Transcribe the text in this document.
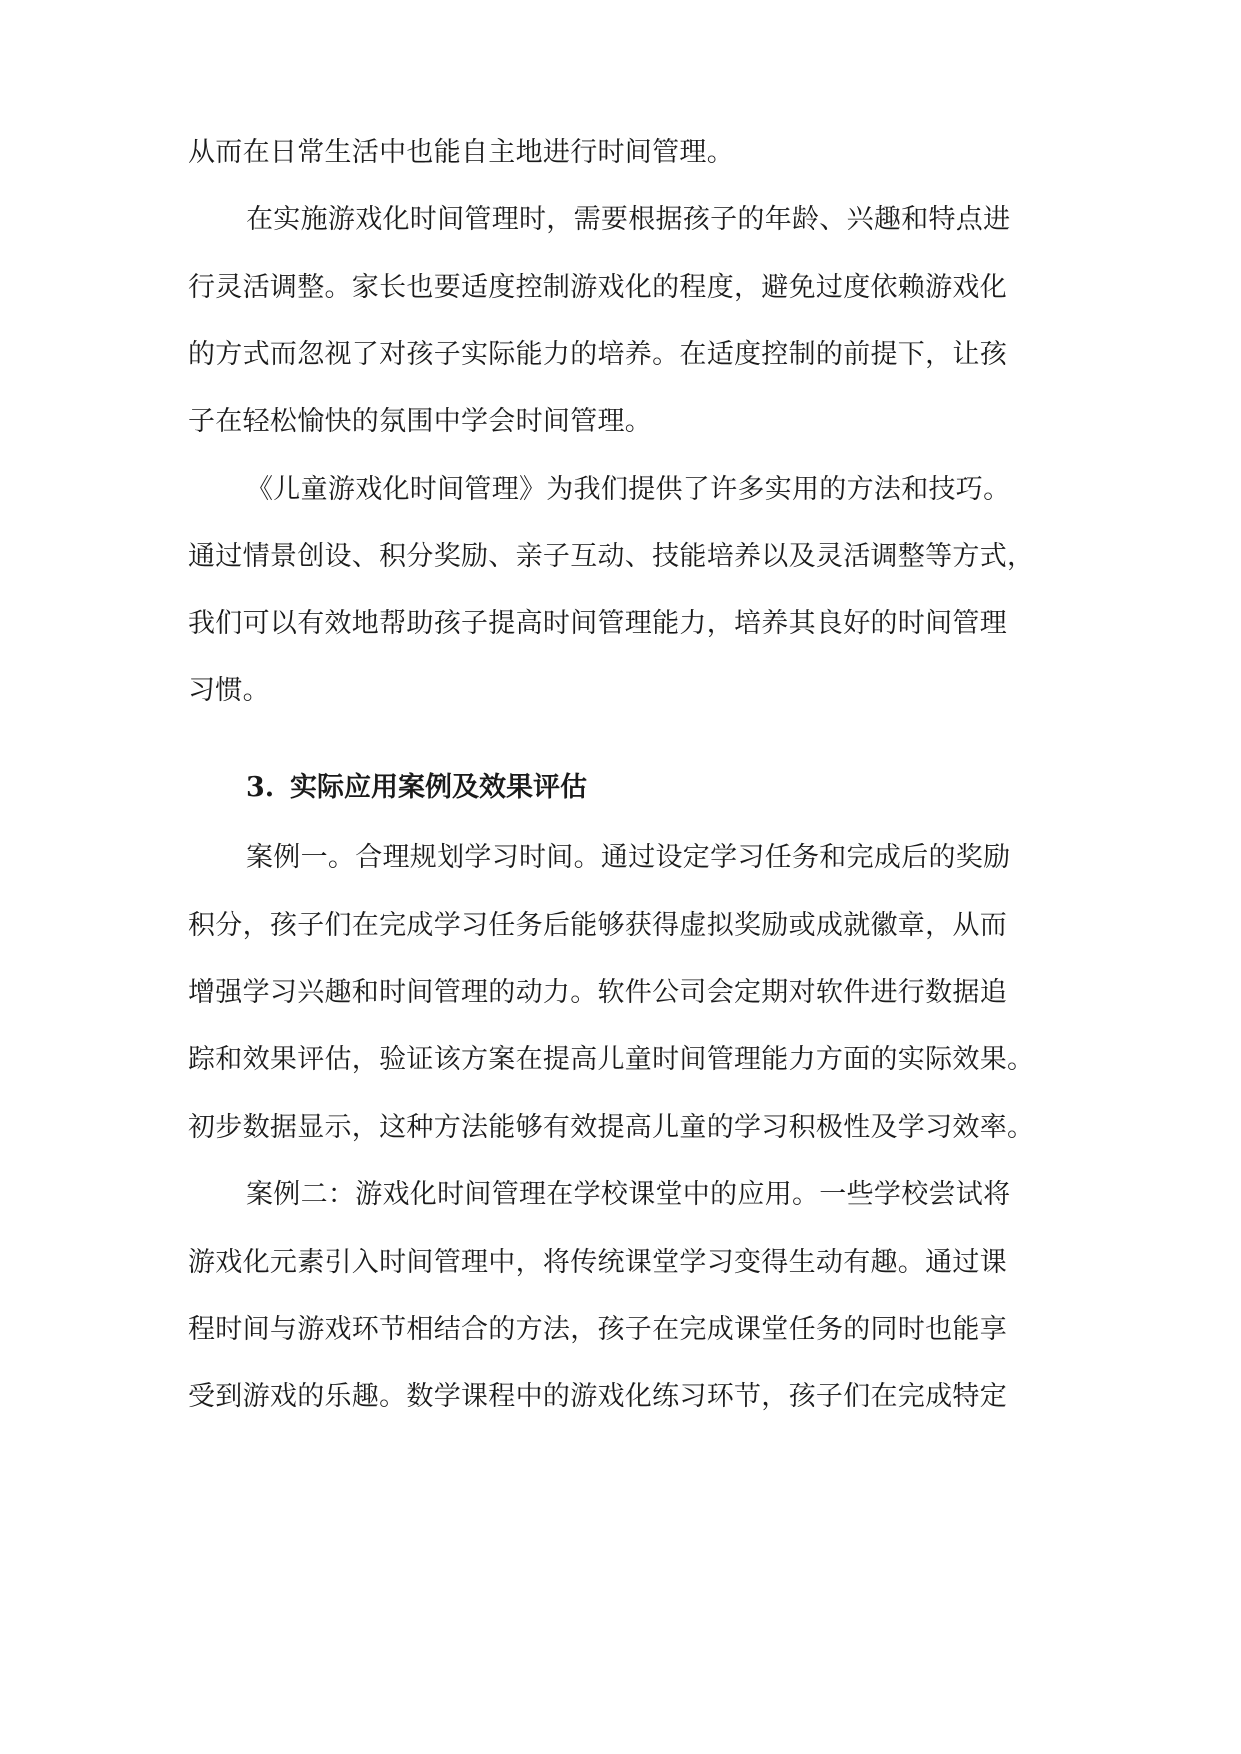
从而在日常生活中也能自主地进行时间管理。
在实施游戏化时间管理时，需要根据孩子的年龄、兴趣和特点进
行灵活调整。家长也要适度控制游戏化的程度，避免过度依赖游戏化
的方式而忽视了对孩子实际能力的培养。在适度控制的前提下，让孩
子在轻松愉快的氛围中学会时间管理。
《儿童游戏化时间管理》为我们提供了许多实用的方法和技巧。
通过情景创设、积分奖励、亲子互动、技能培养以及灵活调整等方式，
我们可以有效地帮助孩子提高时间管理能力，培养其良好的时间管理
习惯。
3. 实际应用案例及效果评估
案例一。合理规划学习时间。通过设定学习任务和完成后的奖励
积分，孩子们在完成学习任务后能够获得虚拟奖励或成就徽章，从而
增强学习兴趣和时间管理的动力。软件公司会定期对软件进行数据追
踪和效果评估，验证该方案在提高儿童时间管理能力方面的实际效果。
初步数据显示，这种方法能够有效提高儿童的学习积极性及学习效率。
案例二：游戏化时间管理在学校课堂中的应用。一些学校尝试将
游戏化元素引入时间管理中，将传统课堂学习变得生动有趣。通过课
程时间与游戏环节相结合的方法，孩子在完成课堂任务的同时也能享
受到游戏的乐趣。数学课程中的游戏化练习环节，孩子们在完成特定
